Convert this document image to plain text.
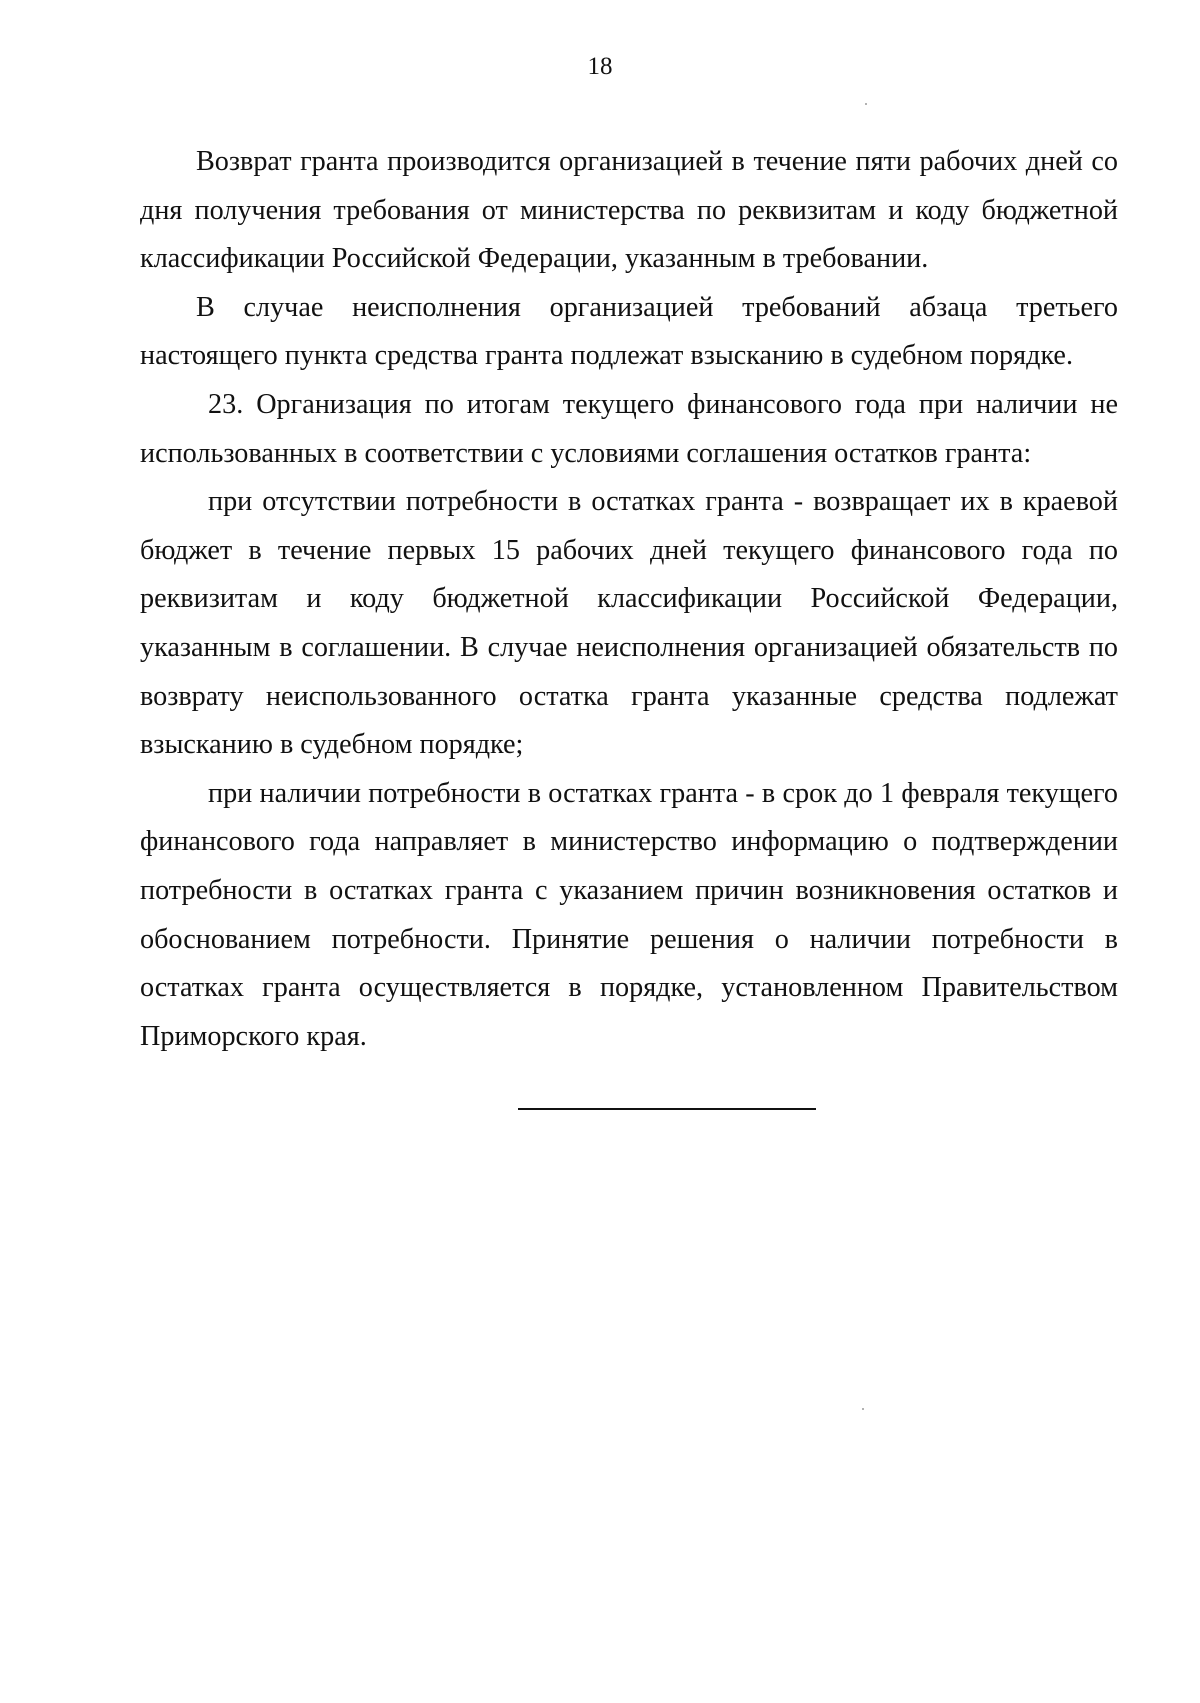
18

Возврат гранта производится организацией в течение пяти рабочих дней со дня получения требования от министерства по реквизитам и коду бюджетной классификации Российской Федерации, указанным в требовании.

В случае неисполнения организацией требований абзаца третьего настоящего пункта средства гранта подлежат взысканию в судебном порядке.

23. Организация по итогам текущего финансового года при наличии не использованных в соответствии с условиями соглашения остатков гранта:

при отсутствии потребности в остатках гранта - возвращает их в краевой бюджет в течение первых 15 рабочих дней текущего финансового года по реквизитам и коду бюджетной классификации Российской Федерации, указанным в соглашении. В случае неисполнения организацией обязательств по возврату неиспользованного остатка гранта указанные средства подлежат взысканию в судебном порядке;

при наличии потребности в остатках гранта - в срок до 1 февраля текущего финансового года направляет в министерство информацию о подтверждении потребности в остатках гранта с указанием причин возникновения остатков и обоснованием потребности. Принятие решения о наличии потребности в остатках гранта осуществляется в порядке, установленном Правительством Приморского края.
